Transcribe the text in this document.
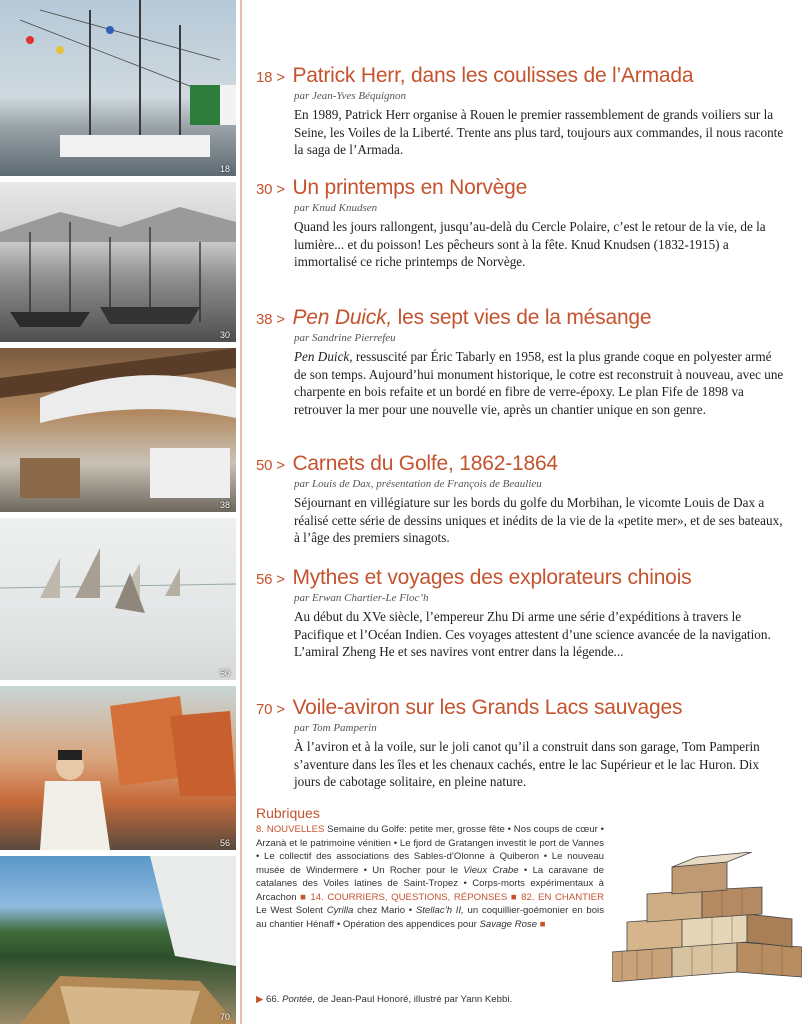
18
30
38
50
56
70
18 > Patrick Herr, dans les coulisses de l’Armada
par Jean-Yves Béquignon
En 1989, Patrick Herr organise à Rouen le premier rassemblement de grands voiliers sur la Seine, les Voiles de la Liberté. Trente ans plus tard, toujours aux commandes, il nous raconte la saga de l’Armada.
30 > Un printemps en Norvège
par Knud Knudsen
Quand les jours rallongent, jusqu’au-delà du Cercle Polaire, c’est le retour de la vie, de la lumière... et du poisson! Les pêcheurs sont à la fête. Knud Knudsen (1832-1915) a immortalisé ce riche printemps de Norvège.
38 > Pen Duick, les sept vies de la mésange
par Sandrine Pierrefeu
Pen Duick, ressuscité par Éric Tabarly en 1958, est la plus grande coque en polyester armé de son temps. Aujourd’hui monument historique, le cotre est reconstruit à nouveau, avec une charpente en bois refaite et un bordé en fibre de verre-époxy. Le plan Fife de 1898 va retrouver la mer pour une nouvelle vie, après un chantier unique en son genre.
50 > Carnets du Golfe, 1862-1864
par Louis de Dax, présentation de François de Beaulieu
Séjournant en villégiature sur les bords du golfe du Morbihan, le vicomte Louis de Dax a réalisé cette série de dessins uniques et inédits de la vie de la «petite mer», et de ses bateaux, à l’âge des premiers sinagots.
56 > Mythes et voyages des explorateurs chinois
par Erwan Chartier-Le Floc’h
Au début du XVe siècle, l’empereur Zhu Di arme une série d’expéditions à travers le Pacifique et l’Océan Indien. Ces voyages attestent d’une science avancée de la navigation. L’amiral Zheng He et ses navires vont entrer dans la légende...
70 > Voile-aviron sur les Grands Lacs sauvages
par Tom Pamperin
À l’aviron et à la voile, sur le joli canot qu’il a construit dans son garage, Tom Pamperin s’aventure dans les îles et les chenaux cachés, entre le lac Supérieur et le lac Huron. Dix jours de cabotage solitaire, en pleine nature.
Rubriques
8. NOUVELLES Semaine du Golfe: petite mer, grosse fête • Nos coups de cœur • Arzanà et le patrimoine vénitien • Le fjord de Gratangen investit le port de Vannes • Le collectif des associations des Sables-d’Olonne à Quiberon • Le nouveau musée de Windermere • Un Rocher pour le Vieux Crabe • La caravane de catalanes des Voiles latines de Saint-Tropez • Corps-morts expérimentaux à Arcachon ■ 14. COURRIERS, QUESTIONS, RÉPONSES ■ 82. EN CHANTIER Le West Solent Cyrilla chez Mario • Stellac’h II, un coquillier-goémonier en bois au chantier Hénaff • Opération des appendices pour Savage Rose ■
▶ 66. Pontée, de Jean-Paul Honoré, illustré par Yann Kebbi.
